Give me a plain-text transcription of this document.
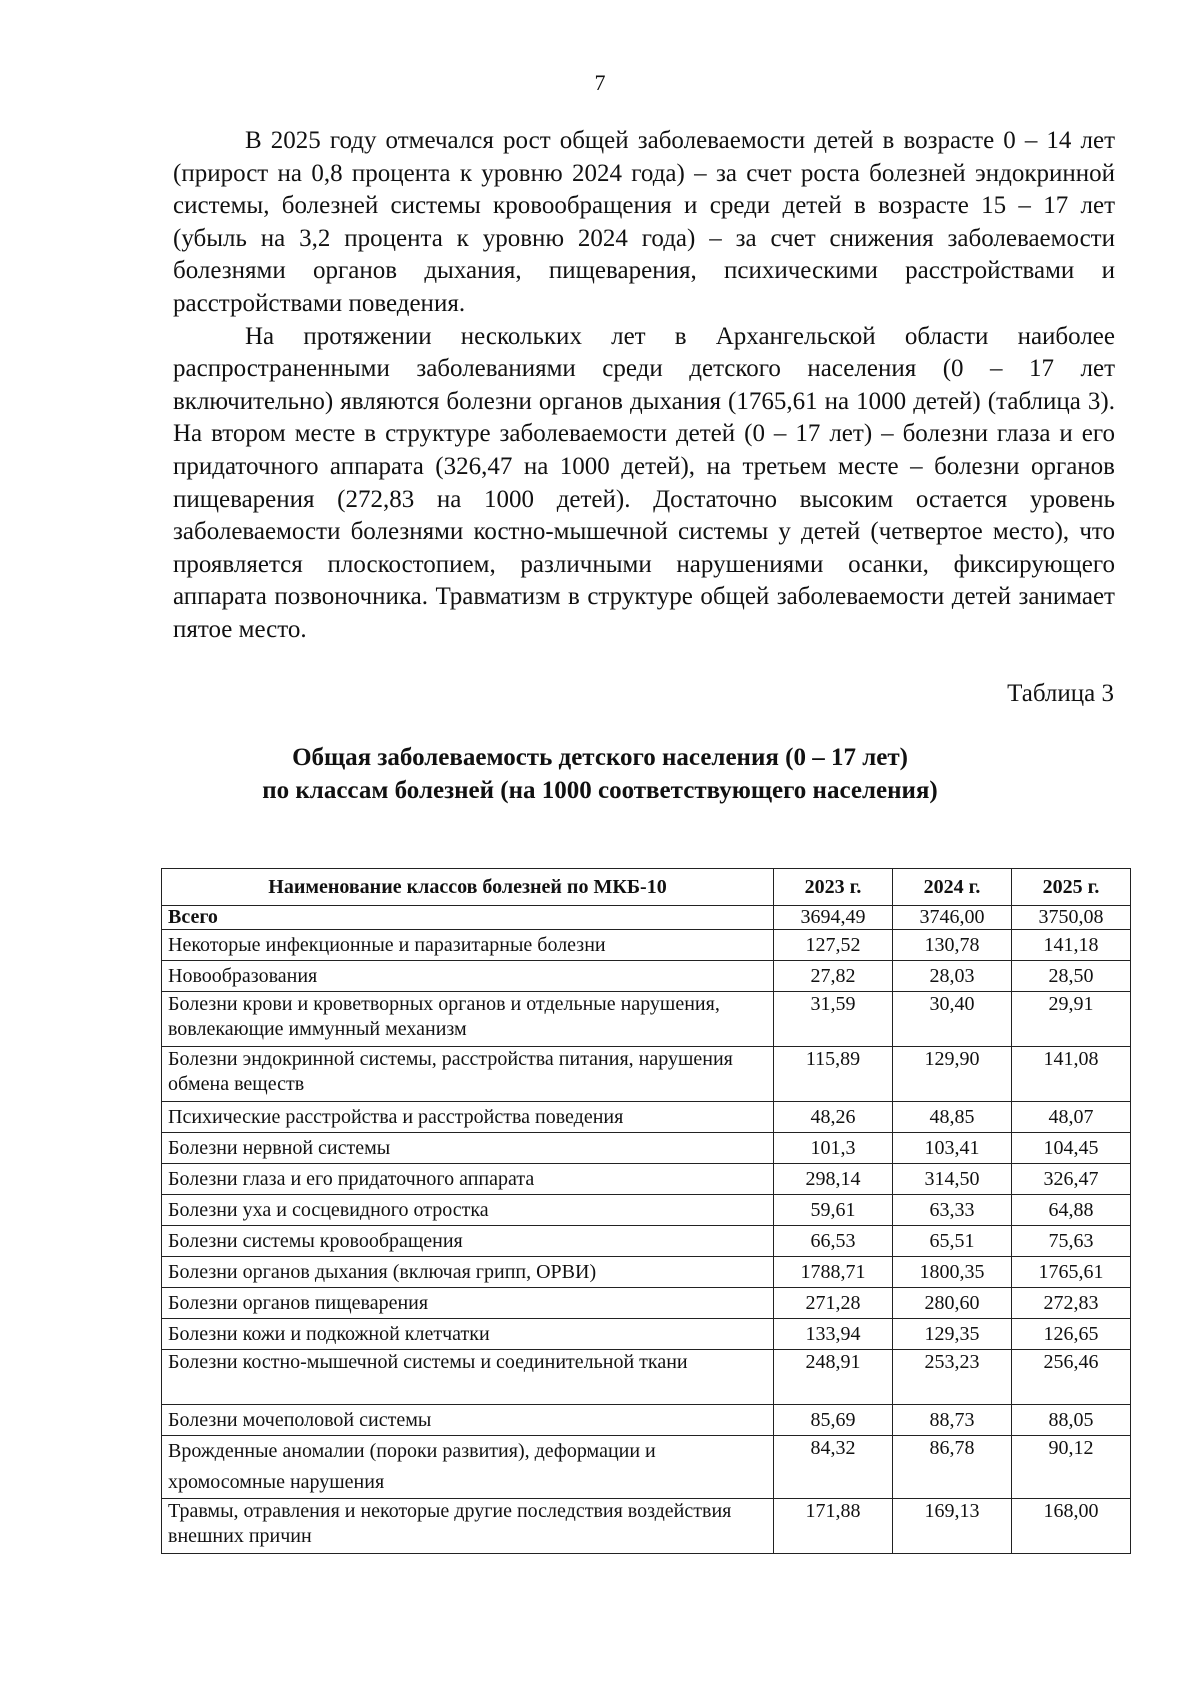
7

В 2025 году отмечался рост общей заболеваемости детей в возрасте 0 – 14 лет (прирост на 0,8 процента к уровню 2024 года) – за счет роста болезней эндокринной системы, болезней системы кровообращения и среди детей в возрасте 15 – 17 лет (убыль на 3,2 процента к уровню 2024 года) – за счет снижения заболеваемости болезнями органов дыхания, пищеварения, психическими расстройствами и расстройствами поведения.

На протяжении нескольких лет в Архангельской области наиболее распространенными заболеваниями среди детского населения (0 – 17 лет включительно) являются болезни органов дыхания (1765,61 на 1000 детей) (таблица 3). На втором месте в структуре заболеваемости детей (0 – 17 лет) – болезни глаза и его придаточного аппарата (326,47 на 1000 детей), на третьем месте – болезни органов пищеварения (272,83 на 1000 детей). Достаточно высоким остается уровень заболеваемости болезнями костно-мышечной системы у детей (четвертое место), что проявляется плоскостопием, различными нарушениями осанки, фиксирующего аппарата позвоночника. Травматизм в структуре общей заболеваемости детей занимает пятое место.

Таблица 3
Общая заболеваемость детского населения (0 – 17 лет)
по классам болезней (на 1000 соответствующего населения)
Наименование классов болезней по МКБ-10	2023 г.	2024 г.	2025 г.
Всего	3694,49	3746,00	3750,08
Некоторые инфекционные и паразитарные болезни	127,52	130,78	141,18
Новообразования	27,82	28,03	28,50
Болезни крови и кроветворных органов и отдельные нарушения, вовлекающие иммунный механизм	31,59	30,40	29,91
Болезни эндокринной системы, расстройства питания, нарушения обмена веществ	115,89	129,90	141,08
Психические расстройства и расстройства поведения	48,26	48,85	48,07
Болезни нервной системы	101,3	103,41	104,45
Болезни глаза и его придаточного аппарата	298,14	314,50	326,47
Болезни уха и сосцевидного отростка	59,61	63,33	64,88
Болезни системы кровообращения	66,53	65,51	75,63
Болезни органов дыхания (включая грипп, ОРВИ)	1788,71	1800,35	1765,61
Болезни органов пищеварения	271,28	280,60	272,83
Болезни кожи и подкожной клетчатки	133,94	129,35	126,65
Болезни костно-мышечной системы и соединительной ткани	248,91	253,23	256,46
Болезни мочеполовой системы	85,69	88,73	88,05
Врожденные аномалии (пороки развития), деформации и хромосомные нарушения	84,32	86,78	90,12
Травмы, отравления и некоторые другие последствия воздействия внешних причин	171,88	169,13	168,00
